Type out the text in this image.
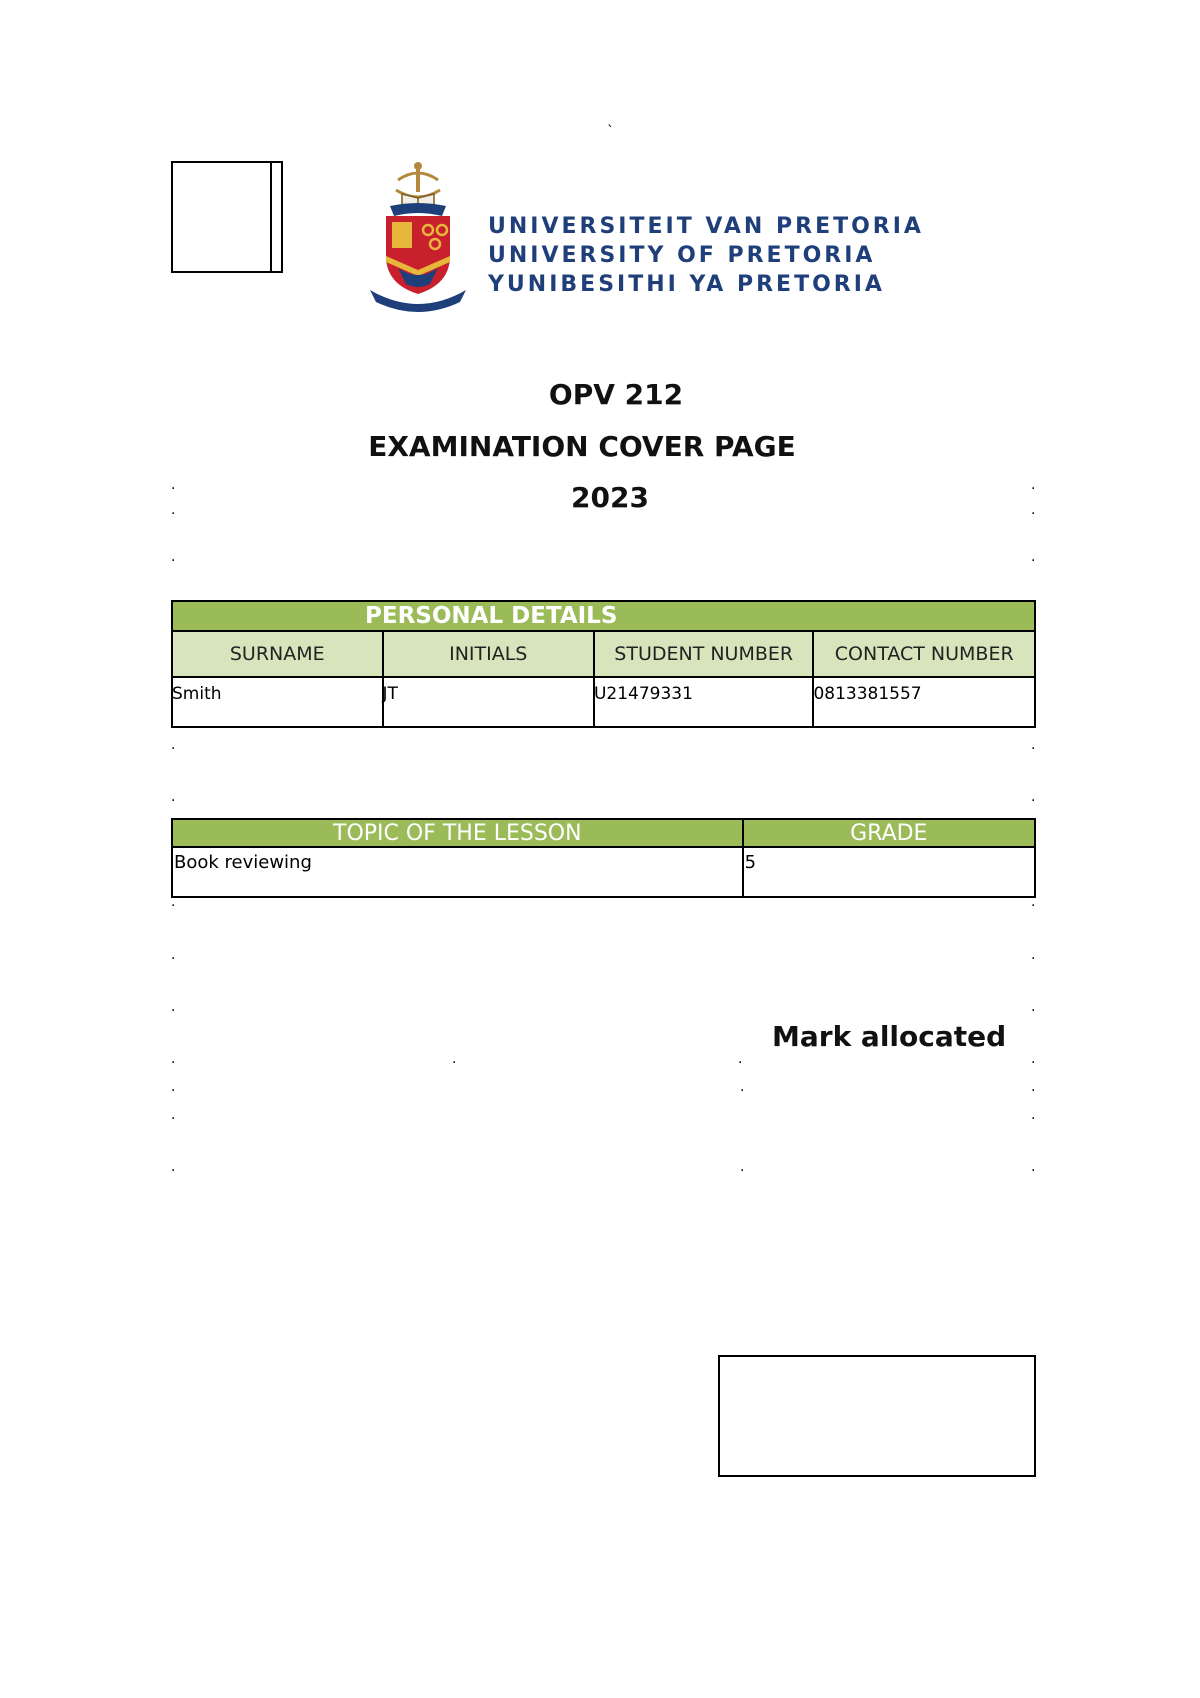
`
UNIVERSITEIT VAN PRETORIA
UNIVERSITY OF PRETORIA
YUNIBESITHI YA PRETORIA
OPV 212
EXAMINATION COVER PAGE
2023
.	.
.	.
.	.
.	.
.	.
.	.
.	.
.	.
.	.	.	.
.	.	.
.	.
.	.	.
PERSONAL DETAILS			
SURNAME	INITIALS	STUDENT NUMBER	CONTACT NUMBER
Smith	JT	U21479331	0813381557
TOPIC OF THE LESSON	GRADE
Book reviewing	5
Mark allocated
